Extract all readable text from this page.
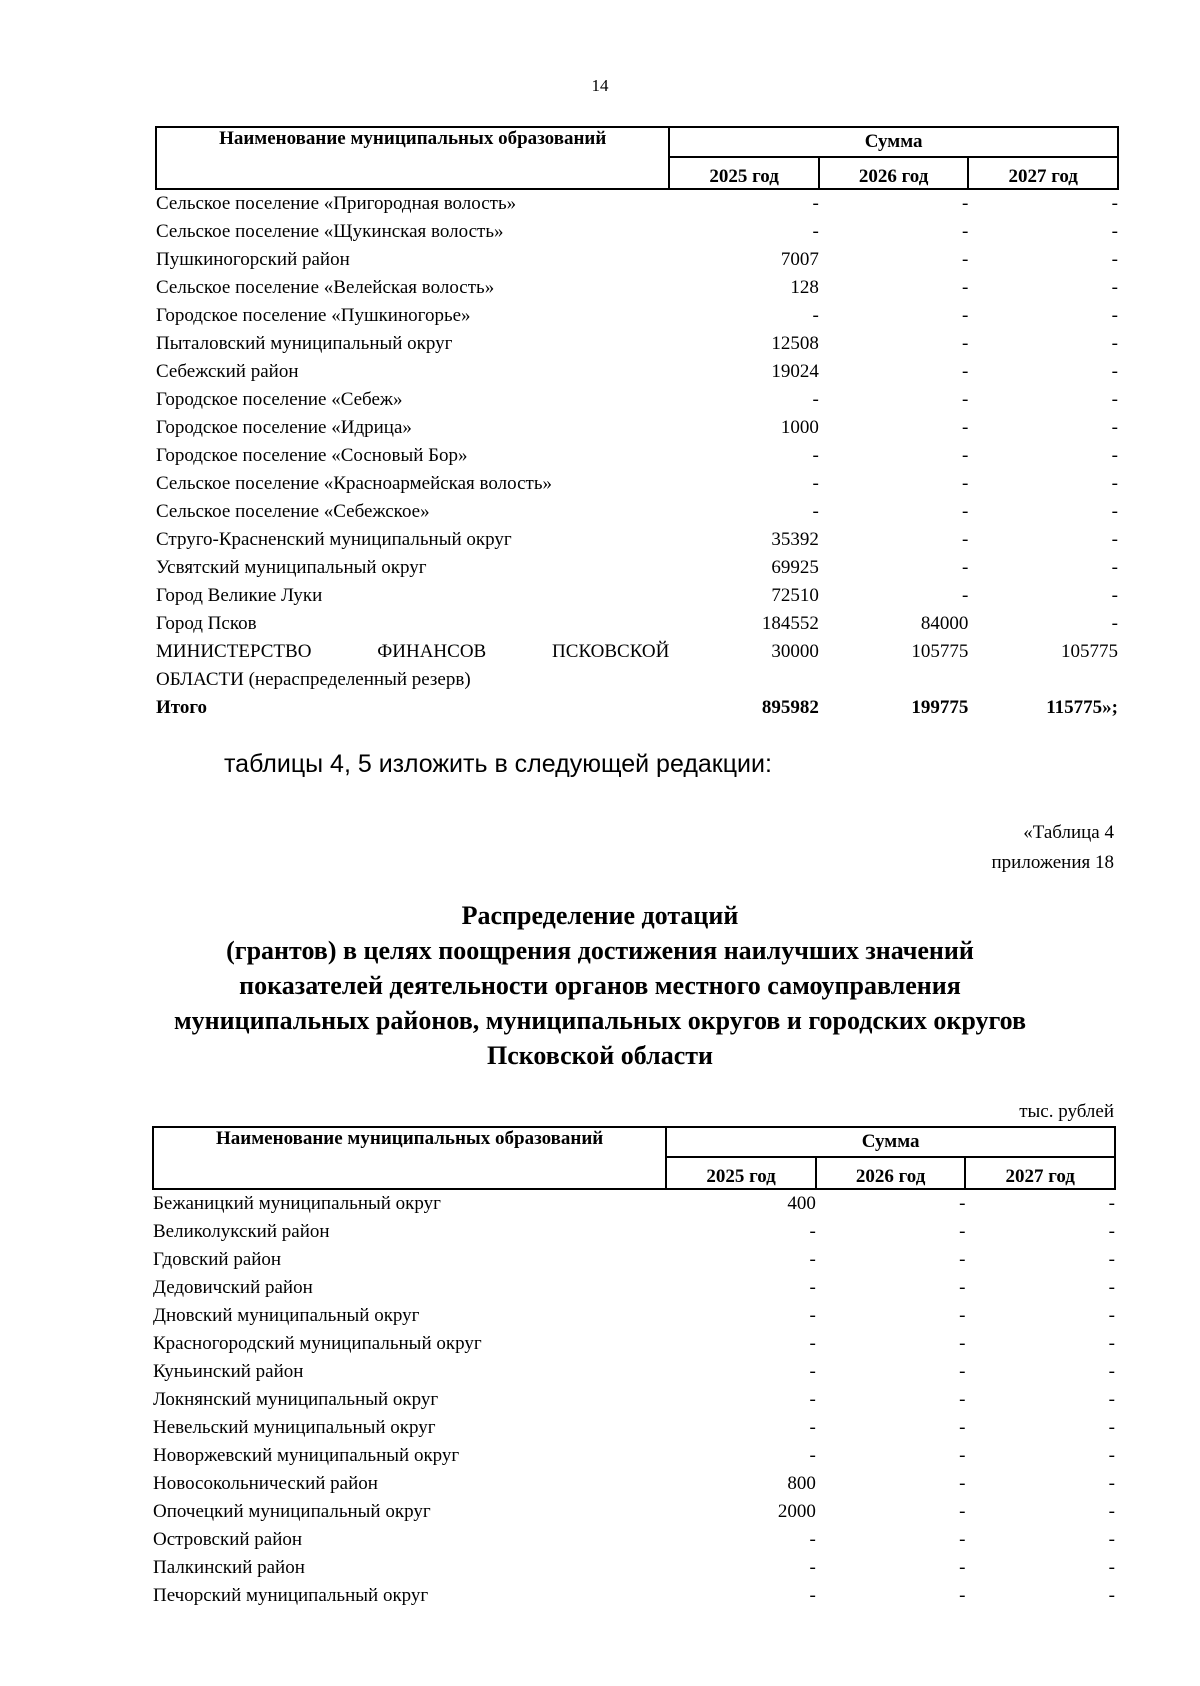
14
Наименование муниципальных образований	Сумма		
	2025 год	2026 год	2027 год
Сельское поселение «Пригородная волость»	-	-	-
Сельское поселение «Щукинская волость»	-	-	-
Пушкиногорский район	7007	-	-
Сельское поселение «Велейская волость»	128	-	-
Городское поселение «Пушкиногорье»	-	-	-
Пыталовский муниципальный округ	12508	-	-
Себежский район	19024	-	-
Городское поселение «Себеж»	-	-	-
Городское поселение «Идрица»	1000	-	-
Городское поселение «Сосновый Бор»	-	-	-
Сельское поселение «Красноармейская волость»	-	-	-
Сельское поселение «Себежское»	-	-	-
Струго-Красненский муниципальный округ	35392	-	-
Усвятский муниципальный округ	69925	-	-
Город Великие Луки	72510	-	-
Город Псков	184552	84000	-

МИНИСТЕРСТВО ФИНАНСОВ ПСКОВСКОЙ
ОБЛАСТИ (нераспределенный резерв)	30000	105775	105775
Итого	895982	199775	115775»;
таблицы 4, 5 изложить в следующей редакции:
«Таблица 4
приложения 18
Распределение дотаций
(грантов) в целях поощрения достижения наилучших значений
показателей деятельности органов местного самоуправления
муниципальных районов, муниципальных округов и городских округов
Псковской области
тыс. рублей
Наименование муниципальных образований	Сумма		
	2025 год	2026 год	2027 год
Бежаницкий муниципальный округ	400	-	-
Великолукский район	-	-	-
Гдовский район	-	-	-
Дедовичский район	-	-	-
Дновский муниципальный округ	-	-	-
Красногородский муниципальный округ	-	-	-
Куньинский район	-	-	-
Локнянский муниципальный округ	-	-	-
Невельский муниципальный округ	-	-	-
Новоржевский муниципальный округ	-	-	-
Новосокольнический район	800	-	-
Опочецкий муниципальный округ	2000	-	-
Островский район	-	-	-
Палкинский район	-	-	-
Печорский муниципальный округ	-	-	-
